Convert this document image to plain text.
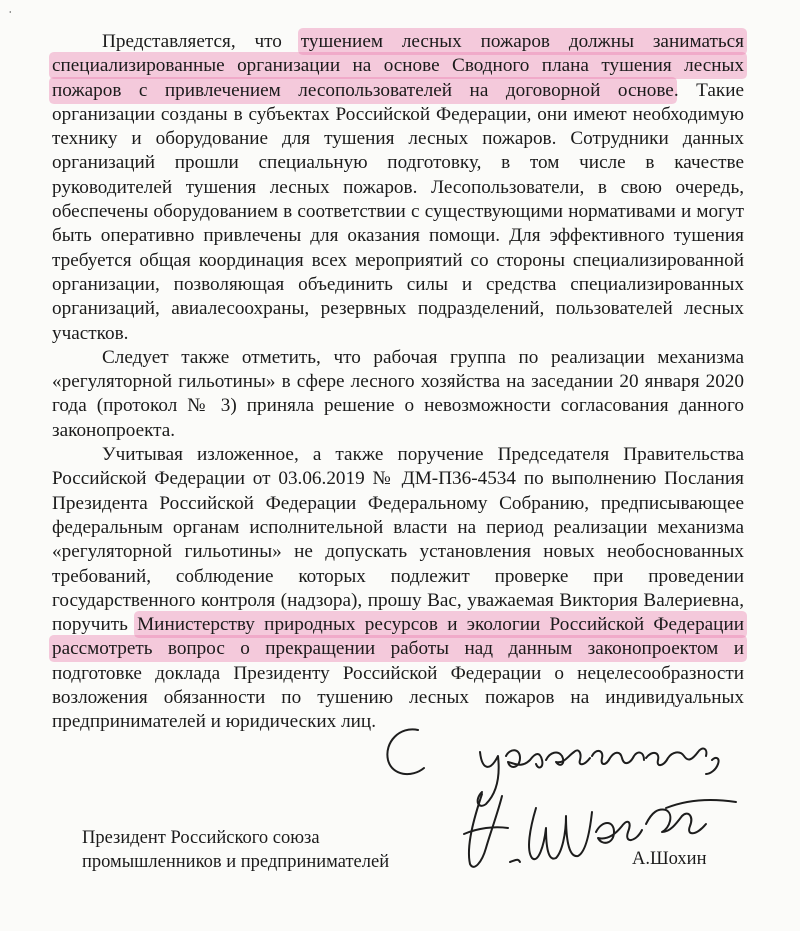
ˈ

Представляется, что тушением лесных пожаров должны заниматься специализированные организации на основе Сводного плана тушения лесных пожаров с привлечением лесопользователей на договорной основе. Такие организации созданы в субъектах Российской Федерации, они имеют необходимую технику и оборудование для тушения лесных пожаров. Сотрудники данных организаций прошли специальную подготовку, в том числе в качестве руководителей тушения лесных пожаров. Лесопользователи, в свою очередь, обеспечены оборудованием в соответствии с существующими нормативами и могут быть оперативно привлечены для оказания помощи. Для эффективного тушения требуется общая координация всех мероприятий со стороны специализированной организации, позволяющая объединить силы и средства специализированных организаций, авиалесоохраны, резервных подразделений, пользователей лесных участков.

Следует также отметить, что рабочая группа по реализации механизма «регуляторной гильотины» в сфере лесного хозяйства на заседании 20 января 2020 года (протокол № 3) приняла решение о невозможности согласования данного законопроекта.

Учитывая изложенное, а также поручение Председателя Правительства Российской Федерации от 03.06.2019 № ДМ-П36-4534 по выполнению Послания Президента Российской Федерации Федеральному Собранию, предписывающее федеральным органам исполнительной власти на период реализации механизма «регуляторной гильотины» не допускать установления новых необоснованных требований, соблюдение которых подлежит проверке при проведении государственного контроля (надзора), прошу Вас, уважаемая Виктория Валериевна, поручить Министерству природных ресурсов и экологии Российской Федерации рассмотреть вопрос о прекращении работы над данным законопроектом и подготовке доклада Президенту Российской Федерации о нецелесообразности возложения обязанности по тушению лесных пожаров на индивидуальных предпринимателей и юридических лиц.

Президент Российского союза
промышленников и предпринимателей	А.Шохин
